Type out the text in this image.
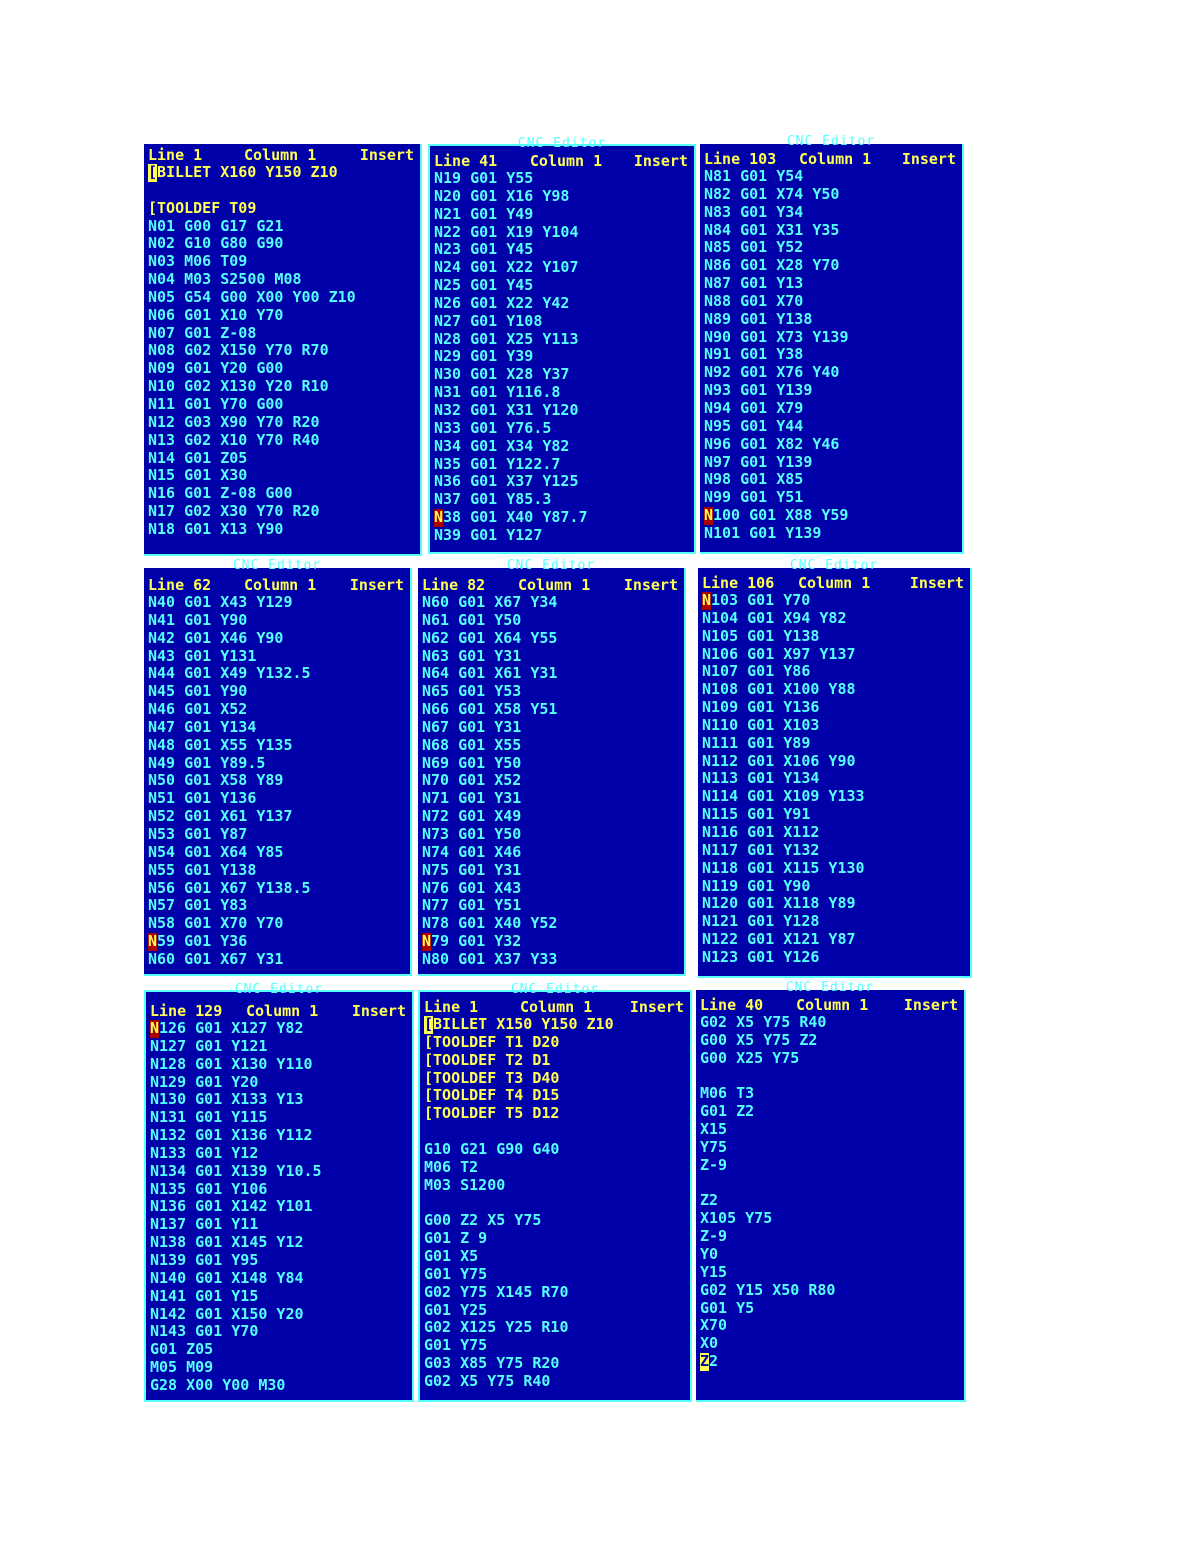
Line 1	Column 1	Insert
[BILLET X160 Y150 Z10
[TOOLDEF T09
N01 G00 G17 G21
N02 G10 G80 G90
N03 M06 T09
N04 M03 S2500 M08
N05 G54 G00 X00 Y00 Z10
N06 G01 X10 Y70
N07 G01 Z-08
N08 G02 X150 Y70 R70
N09 G01 Y20 G00
N10 G02 X130 Y20 R10
N11 G01 Y70 G00
N12 G03 X90 Y70 R20
N13 G02 X10 Y70 R40
N14 G01 Z05
N15 G01 X30
N16 G01 Z-08 G00
N17 G02 X30 Y70 R20
N18 G01 X13 Y90
CNC Editor
Line 41	Column 1	Insert
N19 G01 Y55
N20 G01 X16 Y98
N21 G01 Y49
N22 G01 X19 Y104
N23 G01 Y45
N24 G01 X22 Y107
N25 G01 Y45
N26 G01 X22 Y42
N27 G01 Y108
N28 G01 X25 Y113
N29 G01 Y39
N30 G01 X28 Y37
N31 G01 Y116.8
N32 G01 X31 Y120
N33 G01 Y76.5
N34 G01 X34 Y82
N35 G01 Y122.7
N36 G01 X37 Y125
N37 G01 Y85.3
N38 G01 X40 Y87.7
N39 G01 Y127
CNC Editor
Line 103	Column 1	Insert
N81 G01 Y54
N82 G01 X74 Y50
N83 G01 Y34
N84 G01 X31 Y35
N85 G01 Y52
N86 G01 X28 Y70
N87 G01 Y13
N88 G01 X70
N89 G01 Y138
N90 G01 X73 Y139
N91 G01 Y38
N92 G01 X76 Y40
N93 G01 Y139
N94 G01 X79
N95 G01 Y44
N96 G01 X82 Y46
N97 G01 Y139
N98 G01 X85
N99 G01 Y51
N100 G01 X88 Y59
N101 G01 Y139
CNC Editor
Line 62	Column 1	Insert
N40 G01 X43 Y129
N41 G01 Y90
N42 G01 X46 Y90
N43 G01 Y131
N44 G01 X49 Y132.5
N45 G01 Y90
N46 G01 X52
N47 G01 Y134
N48 G01 X55 Y135
N49 G01 Y89.5
N50 G01 X58 Y89
N51 G01 Y136
N52 G01 X61 Y137
N53 G01 Y87
N54 G01 X64 Y85
N55 G01 Y138
N56 G01 X67 Y138.5
N57 G01 Y83
N58 G01 X70 Y70
N59 G01 Y36
N60 G01 X67 Y31
CNC Editor
Line 82	Column 1	Insert
N60 G01 X67 Y34
N61 G01 Y50
N62 G01 X64 Y55
N63 G01 Y31
N64 G01 X61 Y31
N65 G01 Y53
N66 G01 X58 Y51
N67 G01 Y31
N68 G01 X55
N69 G01 Y50
N70 G01 X52
N71 G01 Y31
N72 G01 X49
N73 G01 Y50
N74 G01 X46
N75 G01 Y31
N76 G01 X43
N77 G01 Y51
N78 G01 X40 Y52
N79 G01 Y32
N80 G01 X37 Y33
CNC Editor
Line 106	Column 1	Insert
N103 G01 Y70
N104 G01 X94 Y82
N105 G01 Y138
N106 G01 X97 Y137
N107 G01 Y86
N108 G01 X100 Y88
N109 G01 Y136
N110 G01 X103
N111 G01 Y89
N112 G01 X106 Y90
N113 G01 Y134
N114 G01 X109 Y133
N115 G01 Y91
N116 G01 X112
N117 G01 Y132
N118 G01 X115 Y130
N119 G01 Y90
N120 G01 X118 Y89
N121 G01 Y128
N122 G01 X121 Y87
N123 G01 Y126
CNC Editor
Line 129	Column 1	Insert
N126 G01 X127 Y82
N127 G01 Y121
N128 G01 X130 Y110
N129 G01 Y20
N130 G01 X133 Y13
N131 G01 Y115
N132 G01 X136 Y112
N133 G01 Y12
N134 G01 X139 Y10.5
N135 G01 Y106
N136 G01 X142 Y101
N137 G01 Y11
N138 G01 X145 Y12
N139 G01 Y95
N140 G01 X148 Y84
N141 G01 Y15
N142 G01 X150 Y20
N143 G01 Y70
G01 Z05
M05 M09
G28 X00 Y00 M30
CNC Editor
Line 1	Column 1	Insert
[BILLET X150 Y150 Z10
[TOOLDEF T1 D20
[TOOLDEF T2 D1
[TOOLDEF T3 D40
[TOOLDEF T4 D15
[TOOLDEF T5 D12
G10 G21 G90 G40
M06 T2
M03 S1200
G00 Z2 X5 Y75
G01 Z 9
G01 X5
G01 Y75
G02 Y75 X145 R70
G01 Y25
G02 X125 Y25 R10
G01 Y75
G03 X85 Y75 R20
G02 X5 Y75 R40
CNC Editor
Line 40	Column 1	Insert
G02 X5 Y75 R40
G00 X5 Y75 Z2
G00 X25 Y75
M06 T3
G01 Z2
X15
Y75
Z-9
Z2
X105 Y75
Z-9
Y0
Y15
G02 Y15 X50 R80
G01 Y5
X70
X0
Z2
